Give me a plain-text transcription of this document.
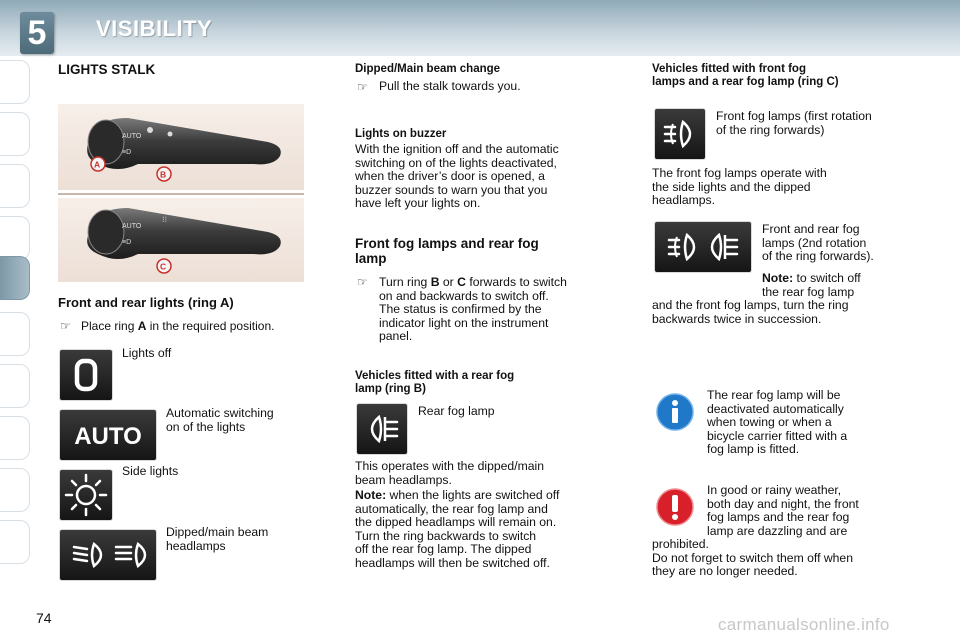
5	VISIBILITY
LIGHTS STALK
AUTO
≡D
A
B
AUTO
≡D
⁝⁝
C
Front and rear lights (ring A)
☞ Place ring A in the required position.
Lights off
AUTO
Automatic switching
on of the lights
Side lights
Dipped/main beam
headlamps
Dipped/Main beam change
☞ Pull the stalk towards you.
Lights on buzzer
With the ignition off and the automatic
switching on of the lights deactivated,
when the driver’s door is opened, a
buzzer sounds to warn you that you
have left your lights on.
Front fog lamps and rear fog
lamp
☞ Turn ring B or C forwards to switch
on and backwards to switch off.
The status is confirmed by the
indicator light on the instrument
panel.
Vehicles fitted with a rear fog
lamp (ring B)
Rear fog lamp
This operates with the dipped/main
beam headlamps.
Note: when the lights are switched off
automatically, the rear fog lamp and
the dipped headlamps will remain on.
Turn the ring backwards to switch
off the rear fog lamp. The dipped
headlamps will then be switched off.
Vehicles fitted with front fog
lamps and a rear fog lamp (ring C)
Front fog lamps (first rotation
of the ring forwards)
The front fog lamps operate with
the side lights and the dipped
headlamps.
Front and rear fog
lamps (2nd rotation
of the ring forwards).
Note: to switch off
the rear fog lamp
and the front fog lamps, turn the ring
backwards twice in succession.
The rear fog lamp will be
deactivated automatically
when towing or when a
bicycle carrier fitted with a
fog lamp is fitted.
In good or rainy weather,
both day and night, the front
fog lamps and the rear fog
lamp are dazzling and are
prohibited.
Do not forget to switch them off when
they are no longer needed.
74	carmanualsonline.info
